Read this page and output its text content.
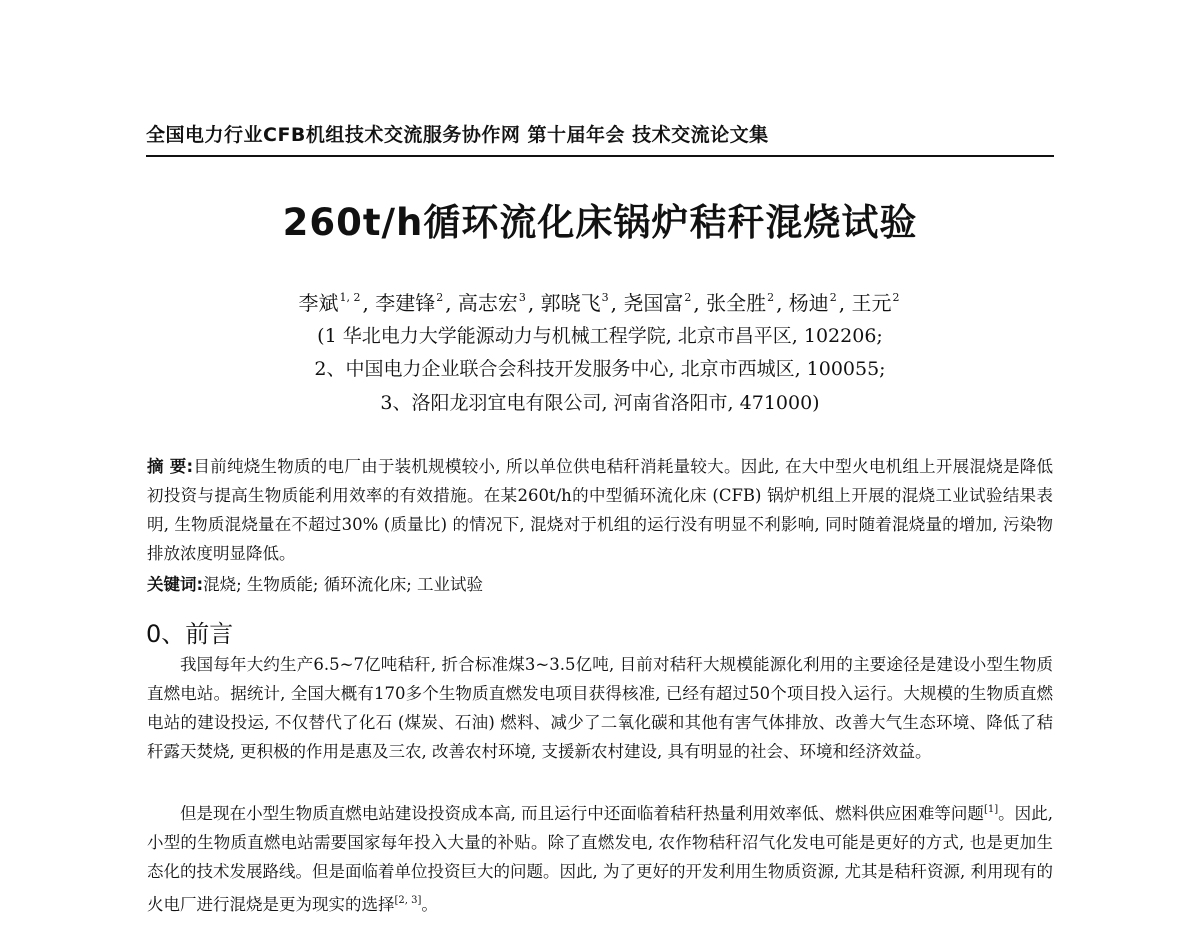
全国电力行业CFB机组技术交流服务协作网 第十届年会 技术交流论文集
260t/h循环流化床锅炉秸秆混烧试验
李斌$^{1, 2}$ , 李建锋$^2$ , 高志宏$^3$ , 郭晓飞$^3$ , 尧国富$^2$ , 张全胜$^2$ , 杨迪$^2$ , 王元$^2$
(1 华北电力大学能源动力与机械工程学院, 北京市昌平区, 102206;
2、中国电力企业联合会科技开发服务中心, 北京市西城区, 100055;
3、洛阳龙羽宜电有限公司, 河南省洛阳市, 471000)
摘 要:目前纯烧生物质的电厂由于装机规模较小, 所以单位供电秸秆消耗量较大。因此, 在大中型火电机组上开展混烧是降低初投资与提高生物质能利用效率的有效措施。在某260t/h的中型循环流化床 (CFB) 锅炉机组上开展的混烧工业试验结果表明, 生物质混烧量在不超过30% (质量比) 的情况下, 混烧对于机组的运行没有明显不利影响, 同时随着混烧量的增加, 污染物排放浓度明显降低。
关键词:混烧; 生物质能; 循环流化床; 工业试验
0、前言
我国每年大约生产6.5~7亿吨秸秆, 折合标准煤3~3.5亿吨, 目前对秸秆大规模能源化利用的主要途径是建设小型生物质直燃电站。据统计, 全国大概有170多个生物质直燃发电项目获得核准, 已经有超过50个项目投入运行。大规模的生物质直燃电站的建设投运, 不仅替代了化石 (煤炭、石油) 燃料、减少了二氧化碳和其他有害气体排放、改善大气生态环境、降低了秸秆露天焚烧, 更积极的作用是惠及三农, 改善农村环境, 支援新农村建设, 具有明显的社会、环境和经济效益。
但是现在小型生物质直燃电站建设投资成本高, 而且运行中还面临着秸秆热量利用效率低、燃料供应困难等问题[1]。因此, 小型的生物质直燃电站需要国家每年投入大量的补贴。除了直燃发电, 农作物秸秆沼气化发电可能是更好的方式, 也是更加生态化的技术发展路线。但是面临着单位投资巨大的问题。因此, 为了更好的开发利用生物质资源, 尤其是秸秆资源, 利用现有的火电厂进行混烧是更为现实的选择[2, 3]。
